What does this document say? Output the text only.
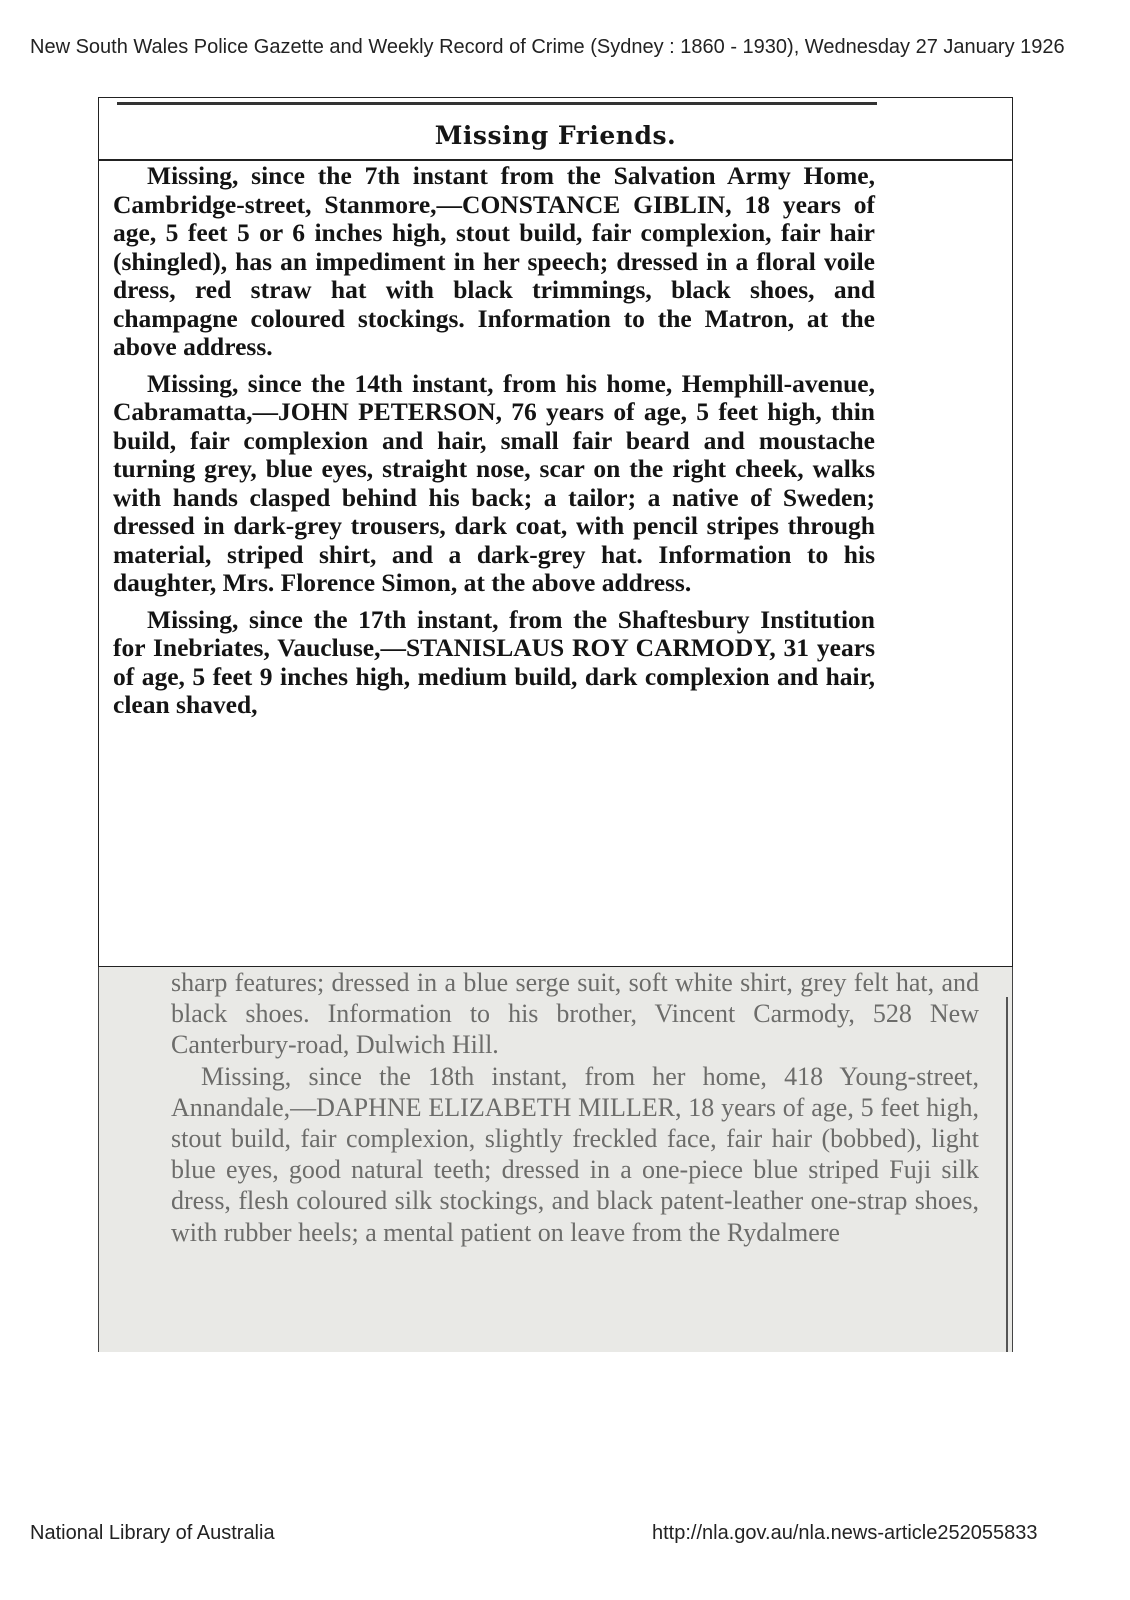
New South Wales Police Gazette and Weekly Record of Crime (Sydney : 1860 - 1930), Wednesday 27 January 1926
Missing Friends.

Missing, since the 7th instant from the Salvation Army Home, Cambridge-street, Stanmore,—CONSTANCE GIBLIN, 18 years of age, 5 feet 5 or 6 inches high, stout build, fair complexion, fair hair (shingled), has an impediment in her speech; dressed in a floral voile dress, red straw hat with black trimmings, black shoes, and champagne coloured stockings. Information to the Matron, at the above address.

Missing, since the 14th instant, from his home, Hemphill-avenue, Cabramatta,—JOHN PETERSON, 76 years of age, 5 feet high, thin build, fair complexion and hair, small fair beard and moustache turning grey, blue eyes, straight nose, scar on the right cheek, walks with hands clasped behind his back; a tailor; a native of Sweden; dressed in dark-grey trousers, dark coat, with pencil stripes through material, striped shirt, and a dark-grey hat. Information to his daughter, Mrs. Florence Simon, at the above address.

Missing, since the 17th instant, from the Shaftesbury Institution for Inebriates, Vaucluse,—STANISLAUS ROY CARMODY, 31 years of age, 5 feet 9 inches high, medium build, dark complexion and hair, clean shaved,

sharp features; dressed in a blue serge suit, soft white shirt, grey felt hat, and black shoes. Information to his brother, Vincent Carmody, 528 New Canterbury-road, Dulwich Hill.

Missing, since the 18th instant, from her home, 418 Young-street, Annandale,—DAPHNE ELIZABETH MILLER, 18 years of age, 5 feet high, stout build, fair complexion, slightly freckled face, fair hair (bobbed), light blue eyes, good natural teeth; dressed in a one-piece blue striped Fuji silk dress, flesh coloured silk stockings, and black patent-leather one-strap shoes, with rubber heels; a mental patient on leave from the Rydalmere

National Library of Australia	http://nla.gov.au/nla.news-article252055833
